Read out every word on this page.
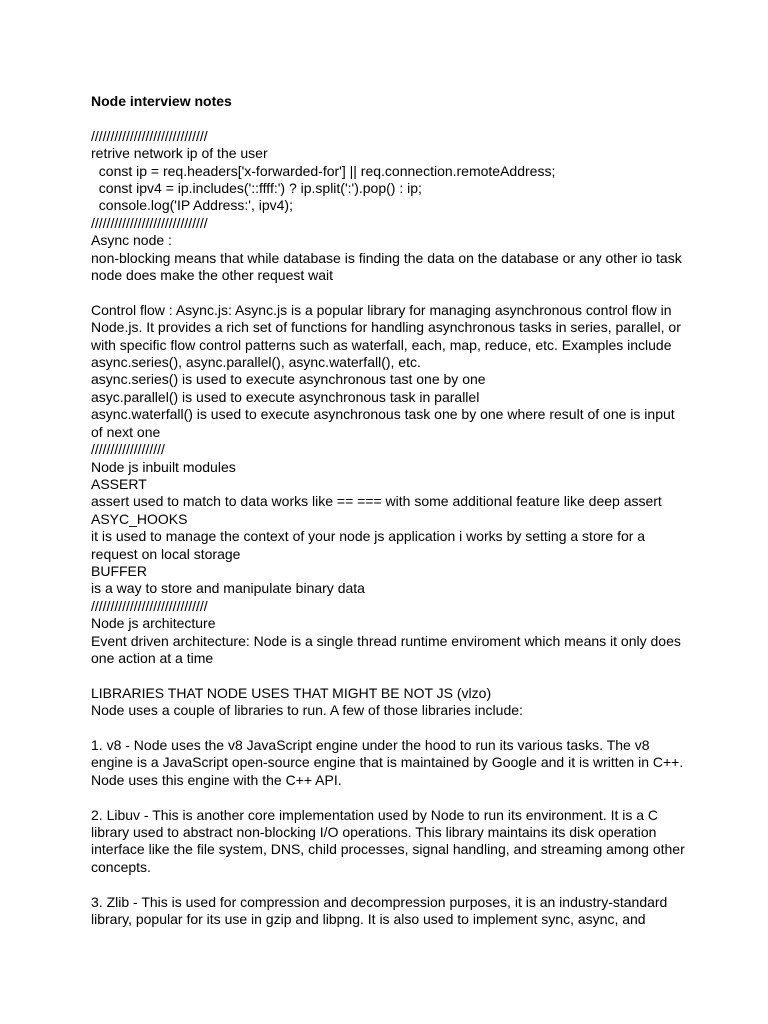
Node interview notes
//////////////////////////////
retrive network ip of the user
const ip = req.headers['x-forwarded-for'] || req.connection.remoteAddress;
const ipv4 = ip.includes('::ffff:') ? ip.split(':').pop() : ip;
console.log('IP Address:', ipv4);
//////////////////////////////
Async node :
non-blocking means that while database is finding the data on the database or any other io task
node does make the other request wait
Control flow : Async.js: Async.js is a popular library for managing asynchronous control flow in
Node.js. It provides a rich set of functions for handling asynchronous tasks in series, parallel, or
with specific flow control patterns such as waterfall, each, map, reduce, etc. Examples include
async.series(), async.parallel(), async.waterfall(), etc.
async.series() is used to execute asynchronous tast one by one
asyc.parallel() is used to execute asynchronous task in parallel
async.waterfall() is used to execute asynchronous task one by one where result of one is input
of next one
///////////////////
Node js inbuilt modules
ASSERT
assert used to match to data works like == === with some additional feature like deep assert
ASYC_HOOKS
it is used to manage the context of your node js application i works by setting a store for a
request on local storage
BUFFER
is a way to store and manipulate binary data
//////////////////////////////
Node js architecture
Event driven architecture: Node is a single thread runtime enviroment which means it only does
one action at a time
LIBRARIES THAT NODE USES THAT MIGHT BE NOT JS (vlzo)
Node uses a couple of libraries to run. A few of those libraries include:
1. v8 - Node uses the v8 JavaScript engine under the hood to run its various tasks. The v8
engine is a JavaScript open-source engine that is maintained by Google and it is written in C++.
Node uses this engine with the C++ API.
2. Libuv - This is another core implementation used by Node to run its environment. It is a C
library used to abstract non-blocking I/O operations. This library maintains its disk operation
interface like the file system, DNS, child processes, signal handling, and streaming among other
concepts.
3. Zlib - This is used for compression and decompression purposes, it is an industry-standard
library, popular for its use in gzip and libpng. It is also used to implement sync, async, and
